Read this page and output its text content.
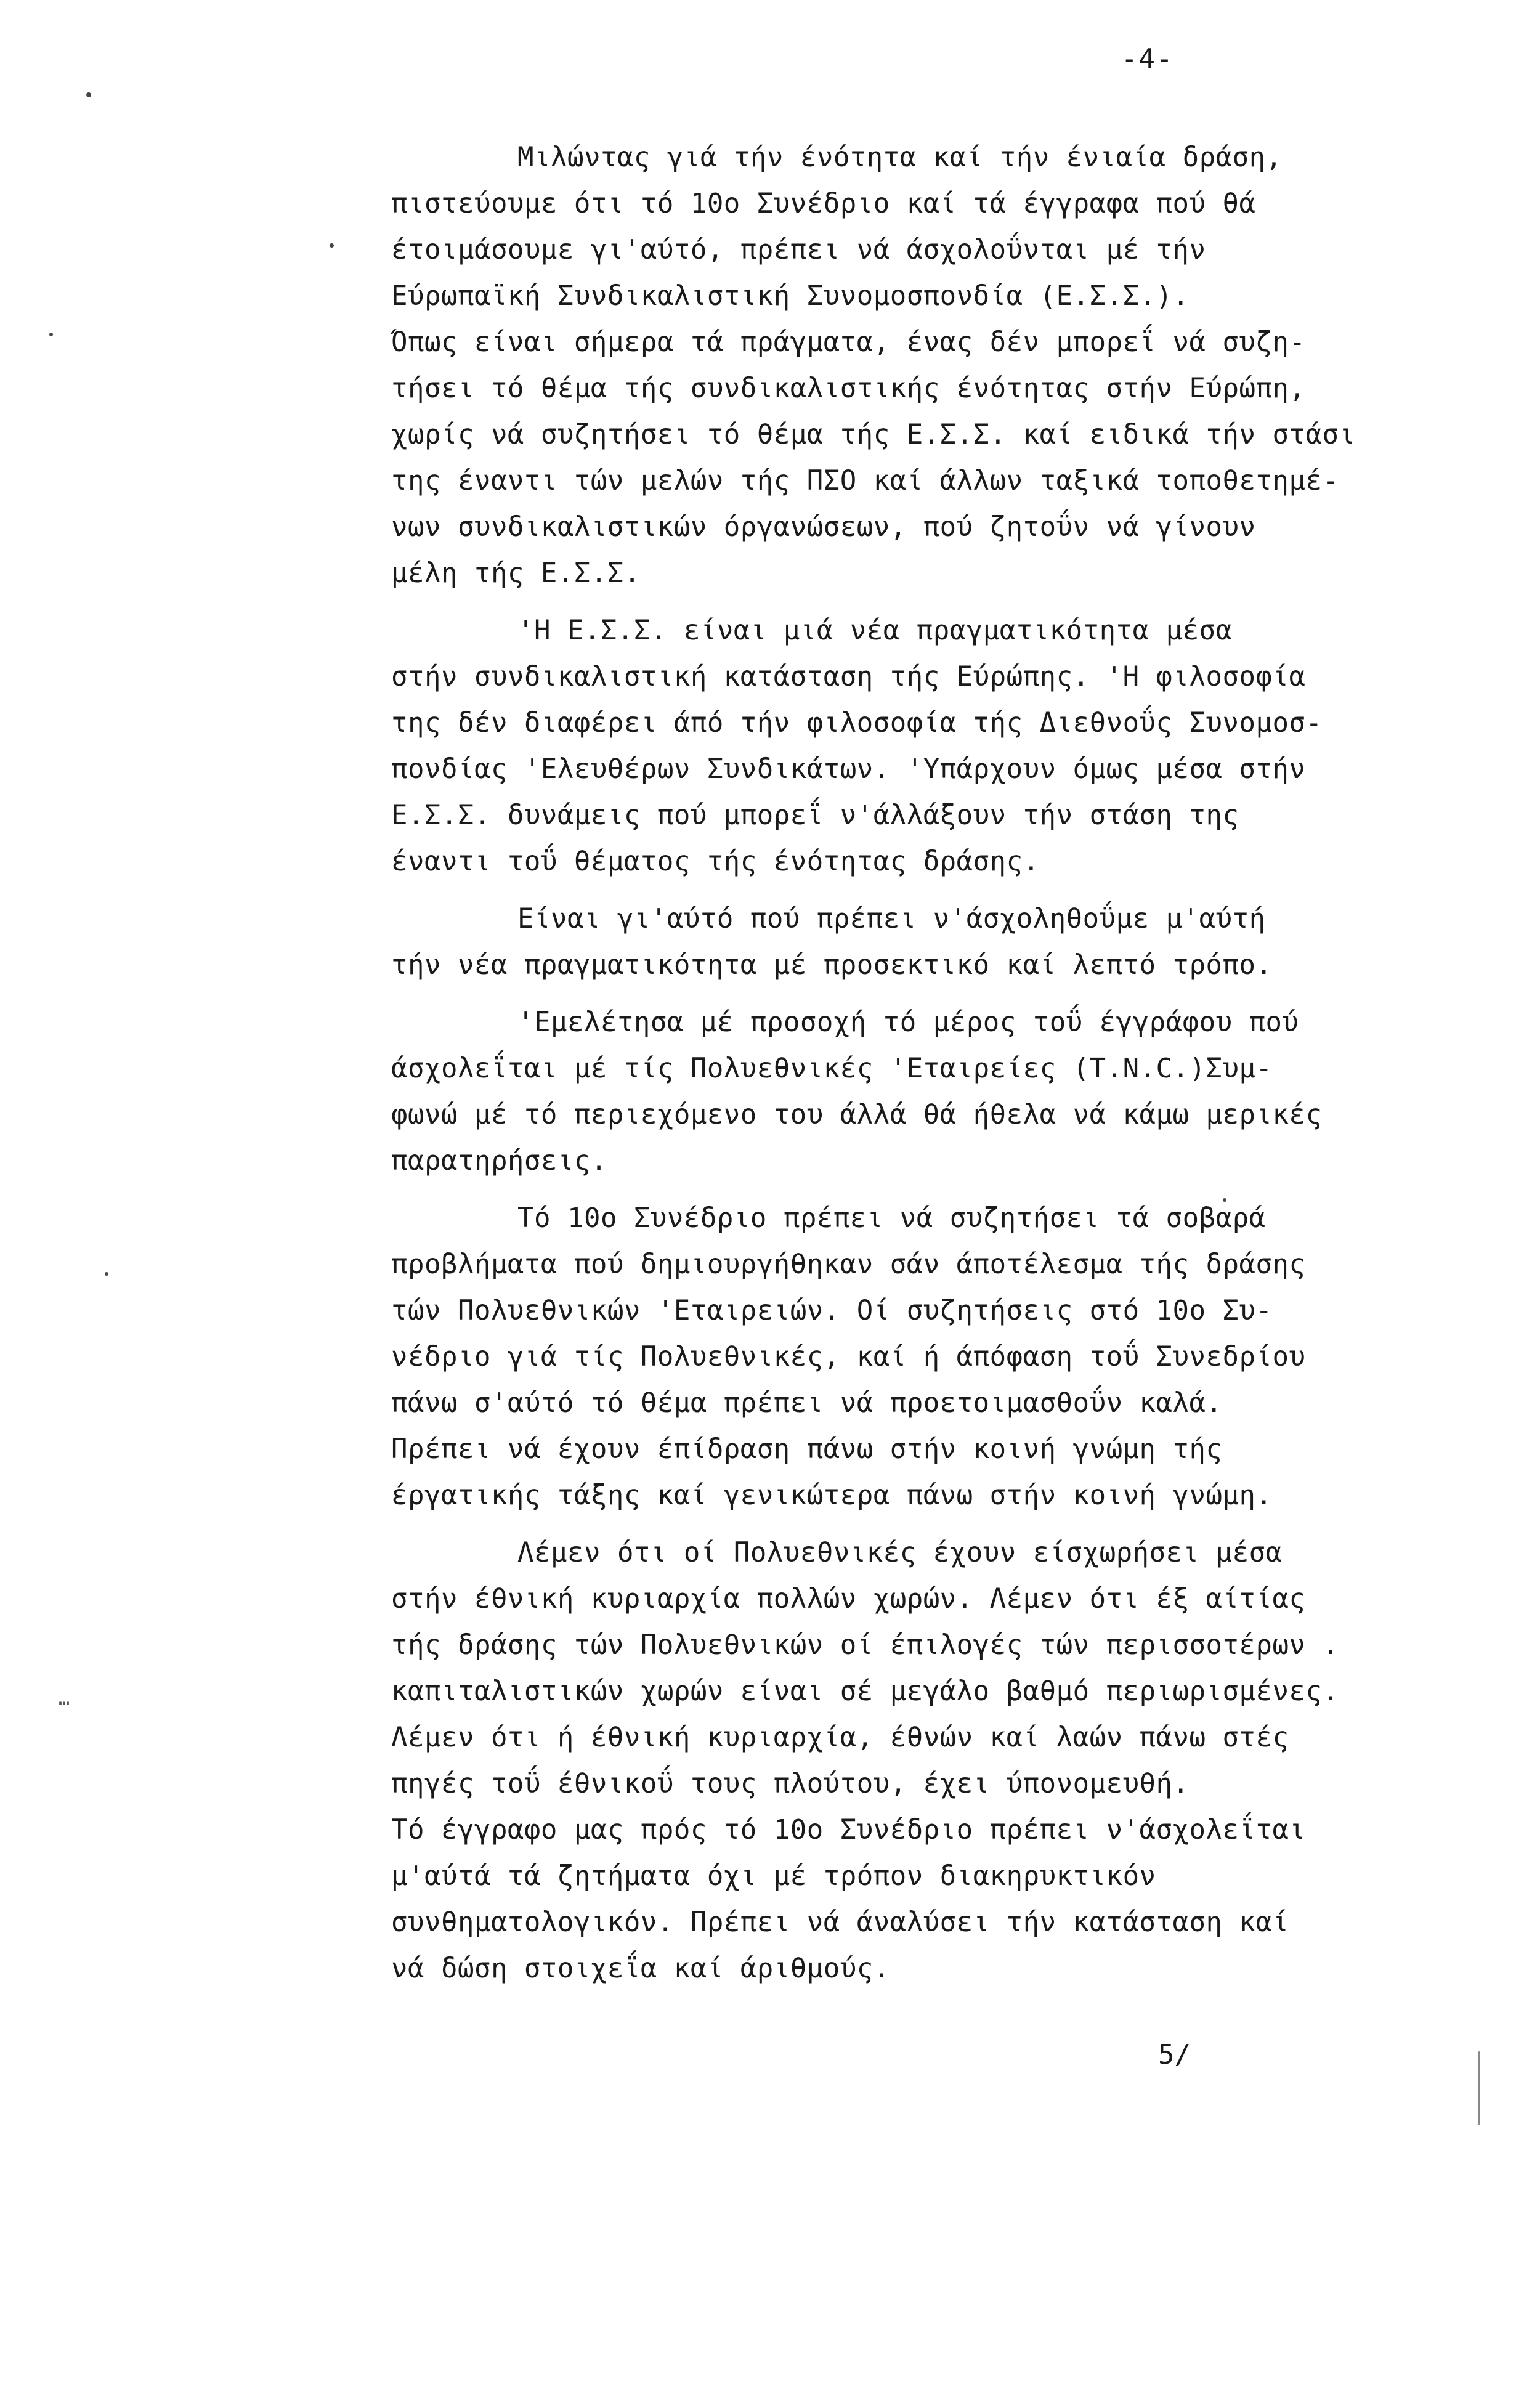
-4-
Μιλώντας γιά τήν ένότητα καί τήν ένιαία δράση,
πιστεύουμε ότι τό 10ο Συνέδριο καί τά έγγραφα πού θά
έτοιμάσουμε γι'αύτό, πρέπει νά άσχολοΰνται μέ τήν
Εύρωπαϊκή Συνδικαλιστική Συνομοσπονδία (Ε.Σ.Σ.).
Όπως είναι σήμερα τά πράγματα, ένας δέν μπορεΐ νά συζη-
τήσει τό θέμα τής συνδικαλιστικής ένότητας στήν Εύρώπη,
χωρίς νά συζητήσει τό θέμα τής Ε.Σ.Σ. καί ειδικά τήν στάσι
της έναντι τών μελών τής ΠΣΟ καί άλλων ταξικά τοποθετημέ-
νων συνδικαλιστικών όργανώσεων, πού ζητοΰν νά γίνουν
μέλη τής Ε.Σ.Σ.
'Η Ε.Σ.Σ. είναι μιά νέα πραγματικότητα μέσα
στήν συνδικαλιστική κατάσταση τής Εύρώπης. 'Η φιλοσοφία
της δέν διαφέρει άπό τήν φιλοσοφία τής Διεθνοΰς Συνομοσ-
πονδίας 'Ελευθέρων Συνδικάτων. 'Υπάρχουν όμως μέσα στήν
Ε.Σ.Σ. δυνάμεις πού μπορεΐ ν'άλλάξουν τήν στάση της
έναντι τοΰ θέματος τής ένότητας δράσης.
Είναι γι'αύτό πού πρέπει ν'άσχοληθοΰμε μ'αύτή
τήν νέα πραγματικότητα μέ προσεκτικό καί λεπτό τρόπο.
'Εμελέτησα μέ προσοχή τό μέρος τοΰ έγγράφου πού
άσχολεΐται μέ τίς Πολυεθνικές 'Εταιρείες (T.N.C.)Συμ-
φωνώ μέ τό περιεχόμενο του άλλά θά ήθελα νά κάμω μερικές
παρατηρήσεις.
Τό 10ο Συνέδριο πρέπει νά συζητήσει τά σοβαρά
προβλήματα πού δημιουργήθηκαν σάν άποτέλεσμα τής δράσης
τών Πολυεθνικών 'Εταιρειών. Οί συζητήσεις στό 10ο Συ-
νέδριο γιά τίς Πολυεθνικές, καί ή άπόφαση τοΰ Συνεδρίου
πάνω σ'αύτό τό θέμα πρέπει νά προετοιμασθοΰν καλά.
Πρέπει νά έχουν έπίδραση πάνω στήν κοινή γνώμη τής
έργατικής τάξης καί γενικώτερα πάνω στήν κοινή γνώμη.
Λέμεν ότι οί Πολυεθνικές έχουν είσχωρήσει μέσα
στήν έθνική κυριαρχία πολλών χωρών. Λέμεν ότι έξ αίτίας
τής δράσης τών Πολυεθνικών οί έπιλογές τών περισσοτέρων .
καπιταλιστικών χωρών είναι σέ μεγάλο βαθμό περιωρισμένες.
Λέμεν ότι ή έθνική κυριαρχία, έθνών καί λαών πάνω στές
πηγές τοΰ έθνικοΰ τους πλούτου, έχει ύπονομευθή.
Τό έγγραφο μας πρός τό 10ο Συνέδριο πρέπει ν'άσχολεΐται
μ'αύτά τά ζητήματα όχι μέ τρόπον διακηρυκτικόν
συνθηματολογικόν. Πρέπει νά άναλύσει τήν κατάσταση καί
νά δώση στοιχεΐα καί άριθμούς.
5/
…
